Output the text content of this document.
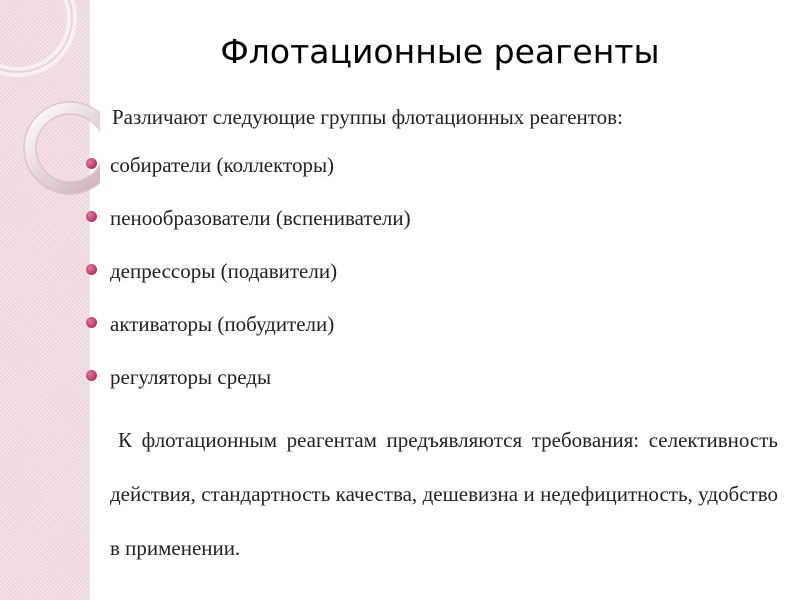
Флотационные реагенты

Различают следующие группы флотационных реагентов:

собиратели (коллекторы)
пенообразователи (вспениватели)
депрессоры (подавители)
активаторы (побудители)
регуляторы среды

К флотационным реагентам предъявляются требования: селективность действия, стандартность качества, дешевизна и недефицитность, удобство в применении.
